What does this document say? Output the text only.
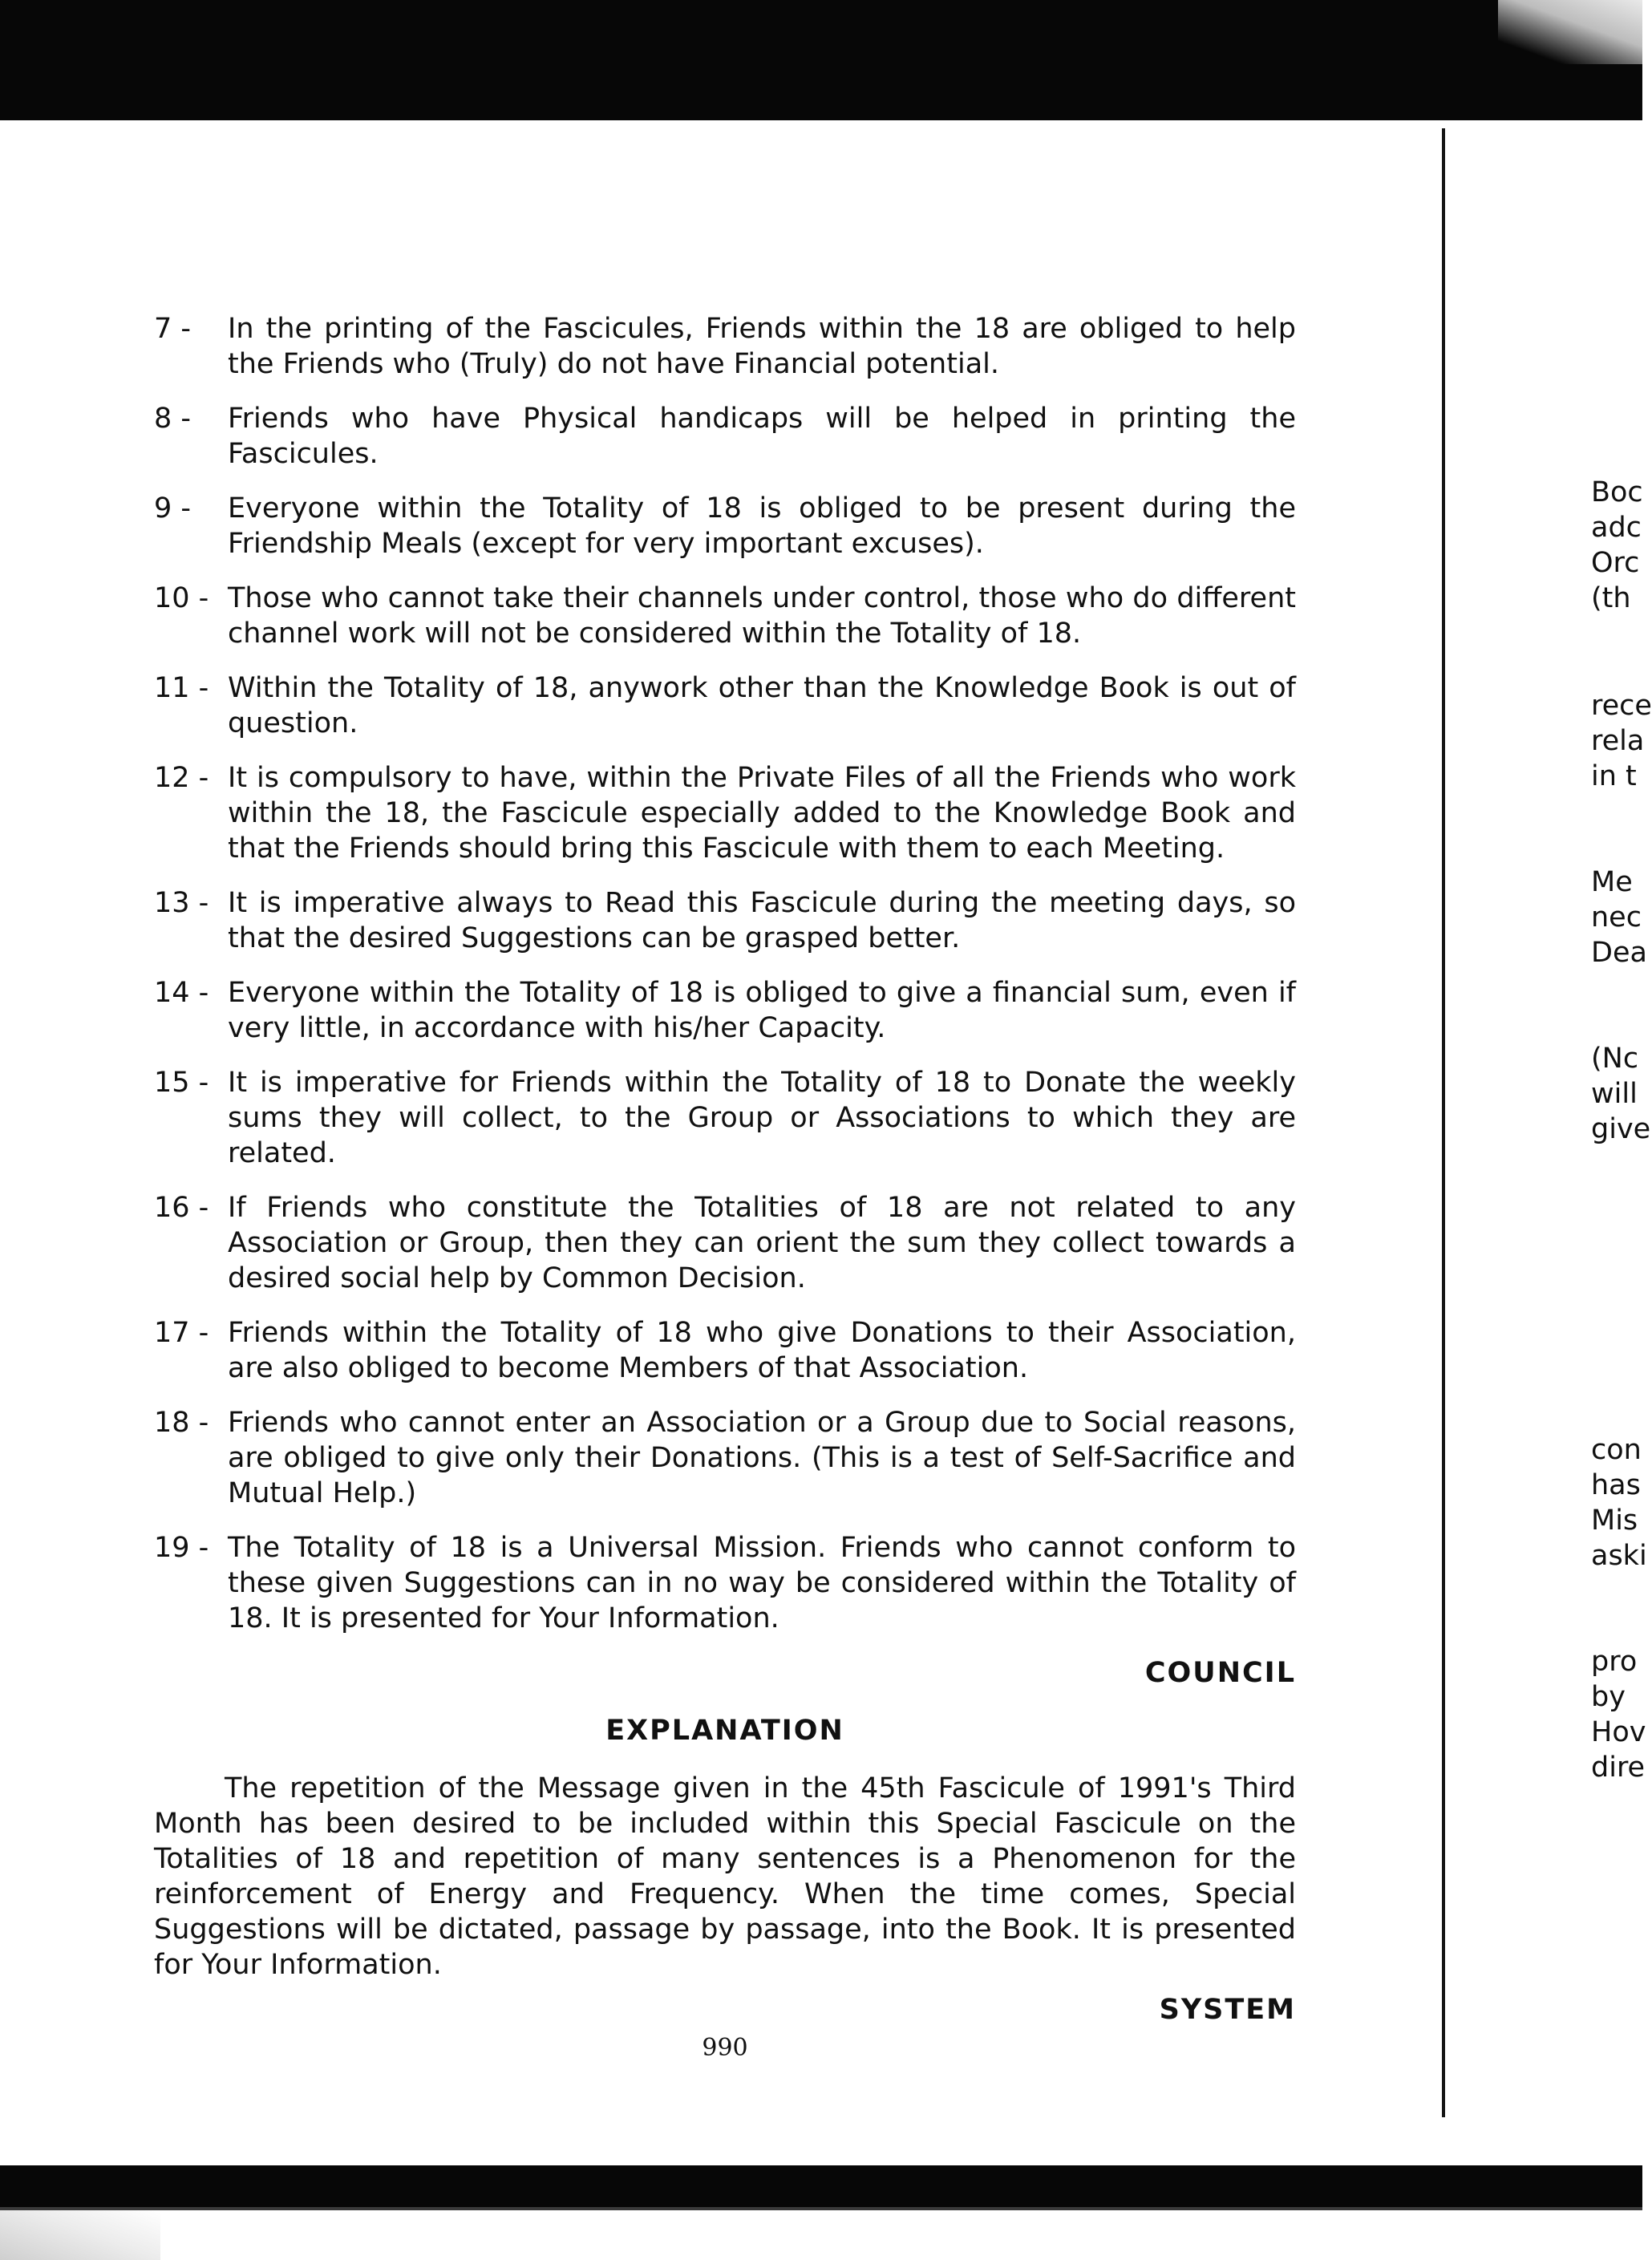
7 -	In the printing of the Fascicules, Friends within the 18 are obliged to help the Friends who (Truly) do not have Financial potential.
8 -	Friends who have Physical handicaps will be helped in printing the Fascicules.
9 -	Everyone within the Totality of 18 is obliged to be present during the Friendship Meals (except for very important excuses).
10 - Those who cannot take their channels under control, those who do different channel work will not be considered within the Totality of 18.
11 - Within the Totality of 18, anywork other than the Knowledge Book is out of question.
12 - It is compulsory to have, within the Private Files of all the Friends who work within the 18, the Fascicule especially added to the Knowledge Book and that the Friends should bring this Fascicule with them to each Meeting.
13 - It is imperative always to Read this Fascicule during the meeting days, so that the desired Suggestions can be grasped better.
14 - Everyone within the Totality of 18 is obliged to give a financial sum, even if very little, in accordance with his/her Capacity.
15 - It is imperative for Friends within the Totality of 18 to Donate the weekly sums they will collect, to the Group or Associations to which they are related.
16 - If Friends who constitute the Totalities of 18 are not related to any Association or Group, then they can orient the sum they collect towards a desired social help by Common Decision.
17 - Friends within the Totality of 18 who give Donations to their Association, are also obliged to become Members of that Association.
18 - Friends who cannot enter an Association or a Group due to Social reasons, are obliged to give only their Donations. (This is a test of Self-Sacrifice and Mutual Help.)
19 - The Totality of 18 is a Universal Mission. Friends who cannot conform to these given Suggestions can in no way be considered within the Totality of 18. It is presented for Your Information.
COUNCIL
EXPLANATION

The repetition of the Message given in the 45th Fascicule of 1991's Third Month has been desired to be included within this Special Fascicule on the Totalities of 18 and repetition of many sentences is a Phenomenon for the reinforcement of Energy and Frequency. When the time comes, Special Suggestions will be dictated, passage by passage, into the Book. It is presented for Your Information.

SYSTEM
990
Boc
adc
Orc
(th
rece
rela
in t
Me
nec
Dea
(Nc
will
give
con
has
Mis
aski
pro
by
Hov
dire
